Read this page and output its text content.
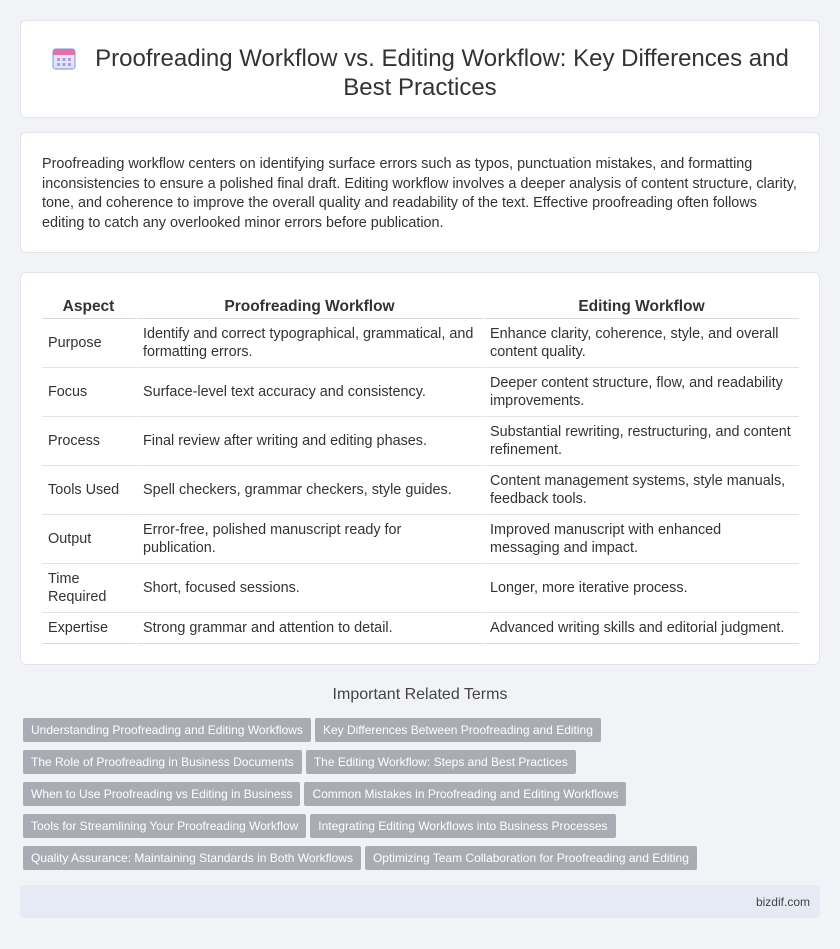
Proofreading Workflow vs. Editing Workflow: Key Differences and Best Practices

Proofreading workflow centers on identifying surface errors such as typos, punctuation mistakes, and formatting inconsistencies to ensure a polished final draft. Editing workflow involves a deeper analysis of content structure, clarity, tone, and coherence to improve the overall quality and readability of the text. Effective proofreading often follows editing to catch any overlooked minor errors before publication.

Aspect	Proofreading Workflow	Editing Workflow
Purpose	Identify and correct typographical, grammatical, and formatting errors.	Enhance clarity, coherence, style, and overall content quality.
Focus	Surface-level text accuracy and consistency.	Deeper content structure, flow, and readability improvements.
Process	Final review after writing and editing phases.	Substantial rewriting, restructuring, and content refinement.
Tools Used	Spell checkers, grammar checkers, style guides.	Content management systems, style manuals, feedback tools.
Output	Error-free, polished manuscript ready for publication.	Improved manuscript with enhanced messaging and impact.
Time Required	Short, focused sessions.	Longer, more iterative process.
Expertise	Strong grammar and attention to detail.	Advanced writing skills and editorial judgment.
Important Related Terms
Understanding Proofreading and Editing Workflows Key Differences Between Proofreading and Editing
The Role of Proofreading in Business Documents The Editing Workflow: Steps and Best Practices
When to Use Proofreading vs Editing in Business Common Mistakes in Proofreading and Editing Workflows
Tools for Streamlining Your Proofreading Workflow Integrating Editing Workflows into Business Processes
Quality Assurance: Maintaining Standards in Both Workflows Optimizing Team Collaboration for Proofreading and Editing
bizdif.com
